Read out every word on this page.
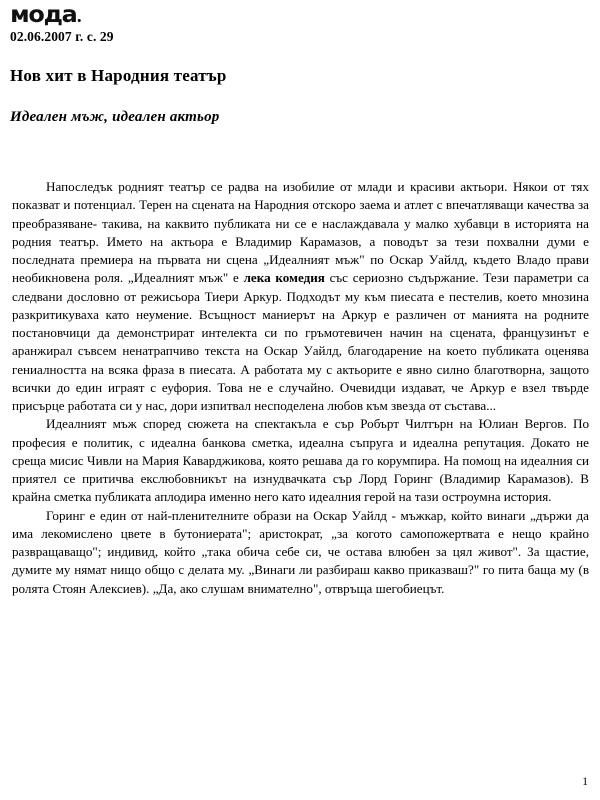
мода
02.06.2007 г. с. 29
Нов хит в Народния театър
Идеален мъж, идеален актьор

Напоследък родният театър се радва на изобилие от млади и красиви актьори. Някои от тях показват и потенциал. Терен на сцената на Народния отскоро заема и атлет с впечатляващи качества за преобразяване- такива, на каквито публиката ни се е наслаждавала у малко хубавци в историята на родния театър. Името на актьора е Владимир Карамазов, а поводът за тези похвални думи е последната премиера на първата ни сцена „Идеалният мъж" по Оскар Уайлд, където Владо прави необикновена роля. „Идеалният мъж" е лека комедия със сериозно съдържание. Тези параметри са следвани дословно от режисьора Тиери Аркур. Подходът му към пиесата е пестелив, което мнозина разкритикуваха като неумение. Всъщност маниерът на Аркур е различен от манията на родните постановчици да демонстрират интелекта си по гръмотевичен начин на сцената, французинът е аранжирал съвсем ненатрапчиво текста на Оскар Уайлд, благодарение на което публиката оценява гениалността на всяка фраза в пиесата. А работата му с актьорите е явно силно благотворна, защото всички до един играят с еуфория. Това не е случайно. Очевидци издават, че Аркур е взел твърде присърце работата си у нас, дори изпитвал несподелена любов към звезда от състава...

Идеалният мъж според сюжета на спектакъла е сър Робърт Чилтърн на Юлиан Вергов. По професия е политик, с идеална банкова сметка, идеална съпруга и идеална репутация. Докато не среща мисис Чивли на Мария Каварджикова, която решава да го корумпира. На помощ на идеалния си приятел се притичва екслюбовникът на изнудвачката сър Лорд Горинг (Владимир Карамазов). В крайна сметка публиката аплодира именно него като идеалния герой на тази остроумна история.

Горинг е един от най-пленителните образи на Оскар Уайлд - мъжкар, който винаги „държи да има лекомислено цвете в бутониерата"; аристократ, „за когото самопожертвата е нещо крайно развращаващо"; индивид, който „така обича себе си, че остава влюбен за цял живот". За щастие, думите му нямат нищо общо с делата му. „Винаги ли разбираш какво приказваш?" го пита баща му (в ролята Стоян Алексиев). „Да, ако слушам внимателно", отвръща шегобиецът.

1
